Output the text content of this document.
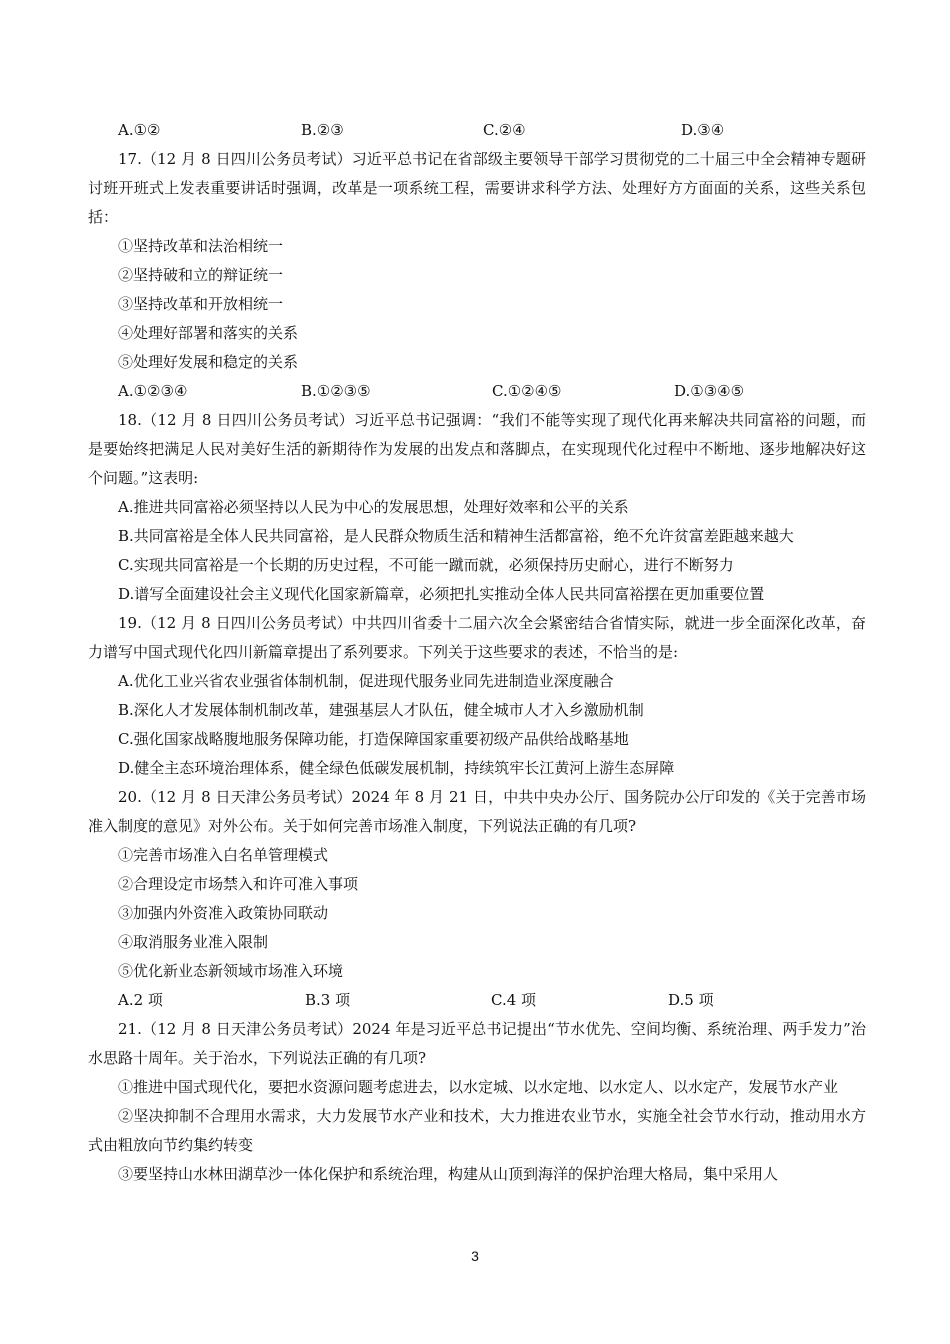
A.①②	B.②③	C.②④	D.③④
17.（12 月 8 日四川公务员考试）习近平总书记在省部级主要领导干部学习贯彻党的二十届三中全会精神专题研讨班开班式上发表重要讲话时强调，改革是一项系统工程，需要讲求科学方法、处理好方方面面的关系，这些关系包括：
①坚持改革和法治相统一
②坚持破和立的辩证统一
③坚持改革和开放相统一
④处理好部署和落实的关系
⑤处理好发展和稳定的关系
A.①②③④	B.①②③⑤	C.①②④⑤	D.①③④⑤
18.（12 月 8 日四川公务员考试）习近平总书记强调：“我们不能等实现了现代化再来解决共同富裕的问题，而是要始终把满足人民对美好生活的新期待作为发展的出发点和落脚点，在实现现代化过程中不断地、逐步地解决好这个问题。”这表明:
A.推进共同富裕必须坚持以人民为中心的发展思想，处理好效率和公平的关系
B.共同富裕是全体人民共同富裕，是人民群众物质生活和精神生活都富裕，绝不允许贫富差距越来越大
C.实现共同富裕是一个长期的历史过程，不可能一蹴而就，必须保持历史耐心，进行不断努力
D.谱写全面建设社会主义现代化国家新篇章，必须把扎实推动全体人民共同富裕摆在更加重要位置
19.（12 月 8 日四川公务员考试）中共四川省委十二届六次全会紧密结合省情实际，就进一步全面深化改革，奋力谱写中国式现代化四川新篇章提出了系列要求。下列关于这些要求的表述，不恰当的是:
A.优化工业兴省农业强省体制机制，促进现代服务业同先进制造业深度融合
B.深化人才发展体制机制改革，建强基层人才队伍，健全城市人才入乡激励机制
C.强化国家战略腹地服务保障功能，打造保障国家重要初级产品供给战略基地
D.健全主态环境治理体系，健全绿色低碳发展机制，持续筑牢长江黄河上游生态屏障
20.（12 月 8 日天津公务员考试）2024 年 8 月 21 日，中共中央办公厅、国务院办公厅印发的《关于完善市场准入制度的意见》对外公布。关于如何完善市场准入制度，下列说法正确的有几项?
①完善市场准入白名单管理模式
②合理设定市场禁入和许可准入事项
③加强内外资准入政策协同联动
④取消服务业准入限制
⑤优化新业态新领域市场准入环境
A.2 项	B.3 项	C.4 项	D.5 项
21.（12 月 8 日天津公务员考试）2024 年是习近平总书记提出“节水优先、空间均衡、系统治理、两手发力”治水思路十周年。关于治水，下列说法正确的有几项?
①推进中国式现代化，要把水资源问题考虑进去，以水定城、以水定地、以水定人、以水定产，发展节水产业
②坚决抑制不合理用水需求，大力发展节水产业和技术，大力推进农业节水，实施全社会节水行动，推动用水方式由粗放向节约集约转变
③要坚持山水林田湖草沙一体化保护和系统治理，构建从山顶到海洋的保护治理大格局，集中采用人
3
